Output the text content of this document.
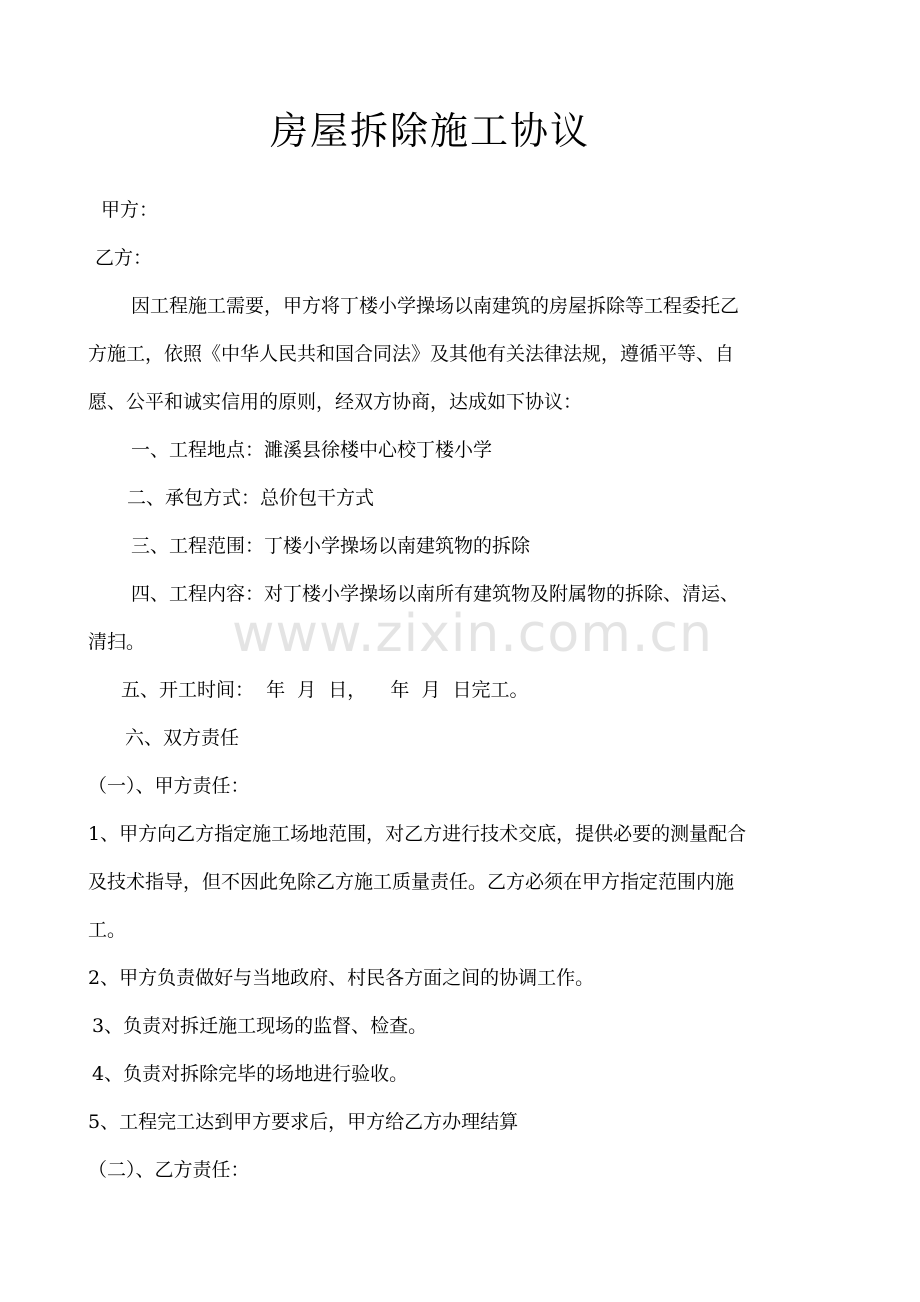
房屋拆除施工协议
甲方：
乙方：
因工程施工需要，甲方将丁楼小学操场以南建筑的房屋拆除等工程委托乙
方施工，依照《中华人民共和国合同法》及其他有关法律法规，遵循平等、自
愿、公平和诚实信用的原则，经双方协商，达成如下协议：
一、工程地点：濉溪县徐楼中心校丁楼小学
二、承包方式：总价包干方式
三、工程范围：丁楼小学操场以南建筑物的拆除
四、工程内容：对丁楼小学操场以南所有建筑物及附属物的拆除、清运、
清扫。 www.zixin.com.cn
五、开工时间：  年  月  日，    年  月  日完工。
六、双方责任
（一）、甲方责任：
1、甲方向乙方指定施工场地范围，对乙方进行技术交底，提供必要的测量配合
及技术指导，但不因此免除乙方施工质量责任。乙方必须在甲方指定范围内施
工。
2、甲方负责做好与当地政府、村民各方面之间的协调工作。
3、负责对拆迁施工现场的监督、检查。
4、负责对拆除完毕的场地进行验收。
5、工程完工达到甲方要求后，甲方给乙方办理结算
（二）、乙方责任：
